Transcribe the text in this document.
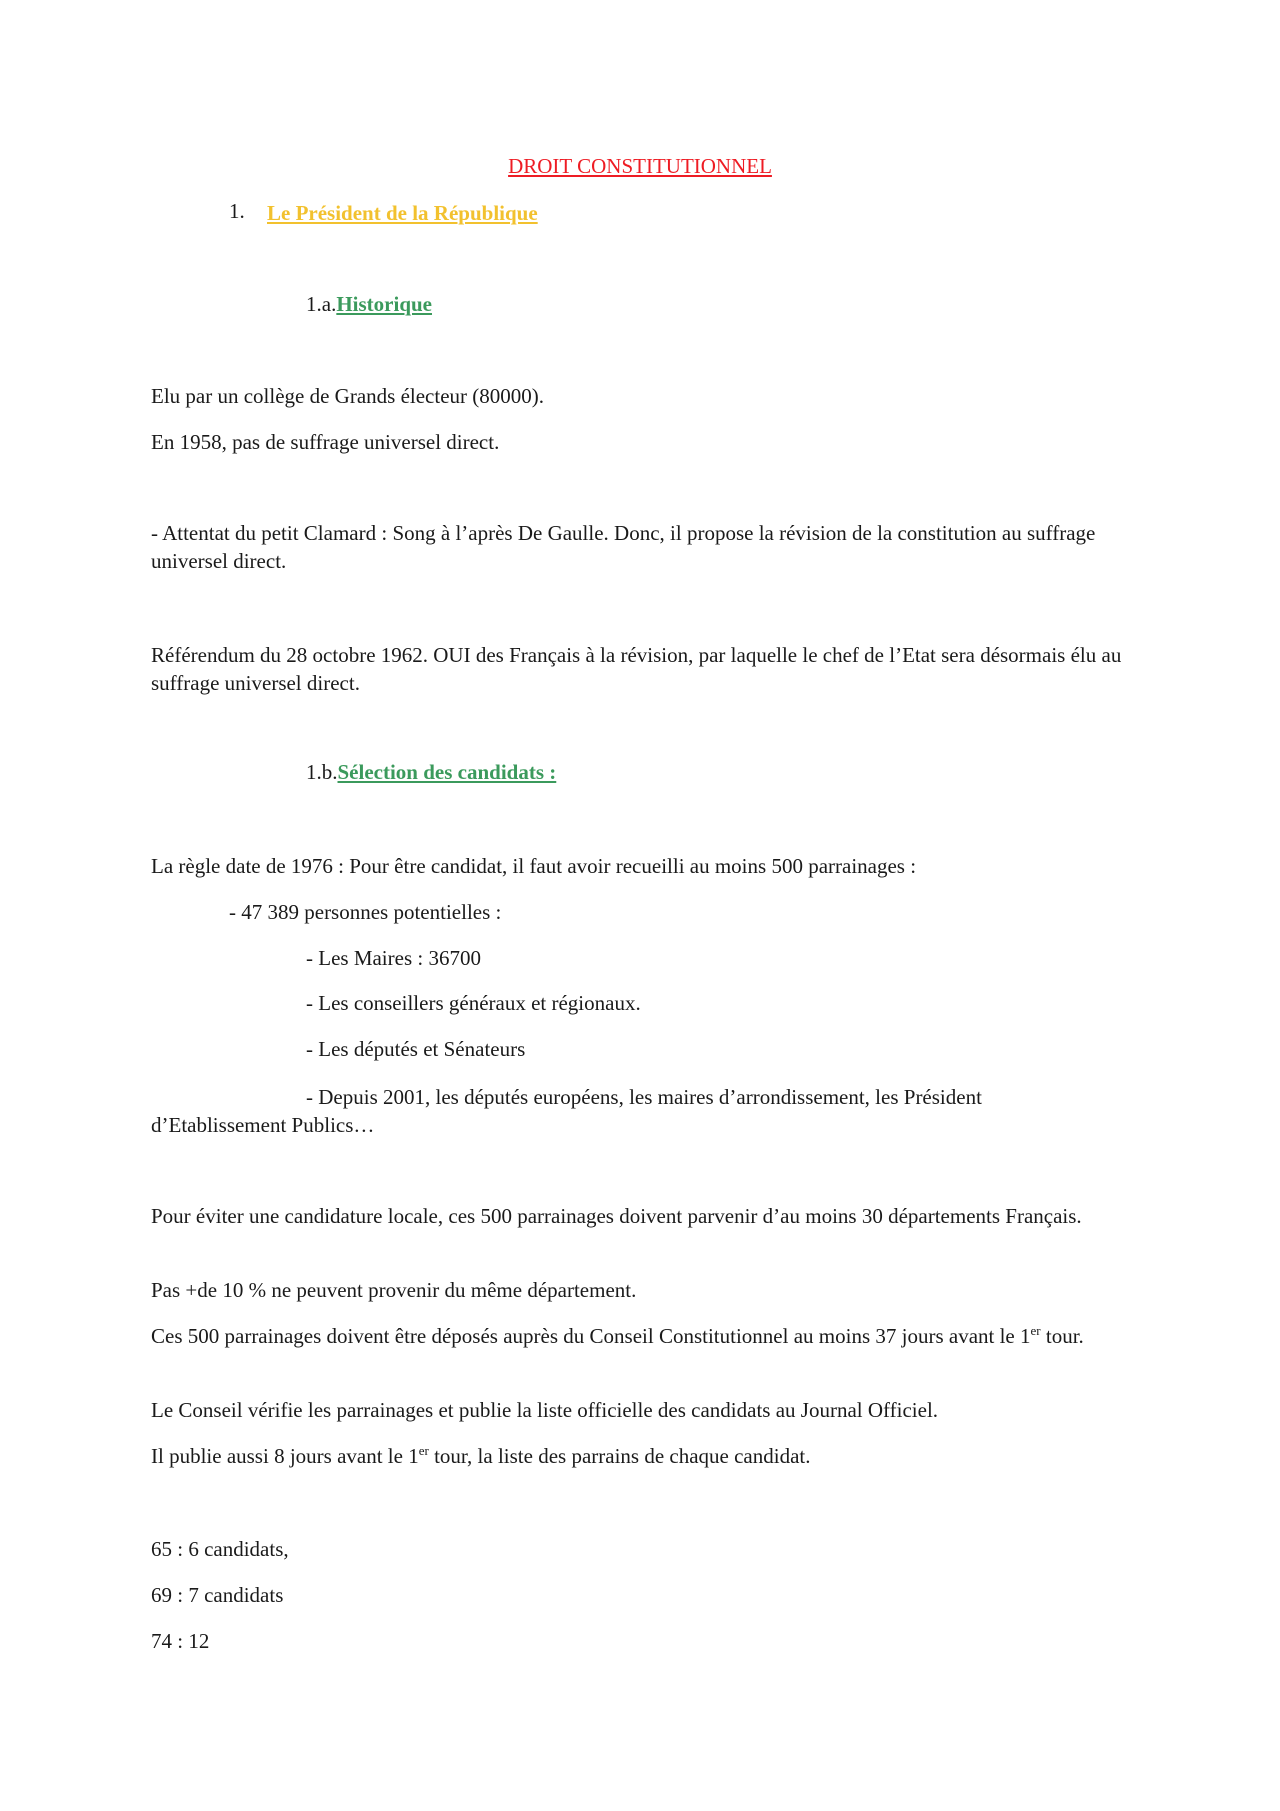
DROIT CONSTITUTIONNEL
1. Le Président de la République
1.a.Historique
Elu par un collège de Grands électeur (80000).
En 1958, pas de suffrage universel direct.
- Attentat du petit Clamard : Song à l’après De Gaulle. Donc, il propose la révision de la constitution au suffrage universel direct.
Référendum du 28 octobre 1962. OUI des Français à la révision, par laquelle le chef de l’Etat sera désormais élu au suffrage universel direct.
1.b.Sélection des candidats :
La règle date de 1976 : Pour être candidat, il faut avoir recueilli au moins 500 parrainages :
- 47 389 personnes potentielles :
- Les Maires : 36700
- Les conseillers généraux et régionaux.
- Les députés et Sénateurs
- Depuis 2001, les députés européens, les maires d’arrondissement, les Président
d’Etablissement Publics…
Pour éviter une candidature locale, ces 500 parrainages doivent parvenir d’au moins 30 départements Français.
Pas +de 10 % ne peuvent provenir du même département.
Ces 500 parrainages doivent être déposés auprès du Conseil Constitutionnel au moins 37 jours avant le 1er tour.
Le Conseil vérifie les parrainages et publie la liste officielle des candidats au Journal Officiel.
Il publie aussi 8 jours avant le 1er tour, la liste des parrains de chaque candidat.
65 : 6 candidats,
69 : 7 candidats
74 : 12
